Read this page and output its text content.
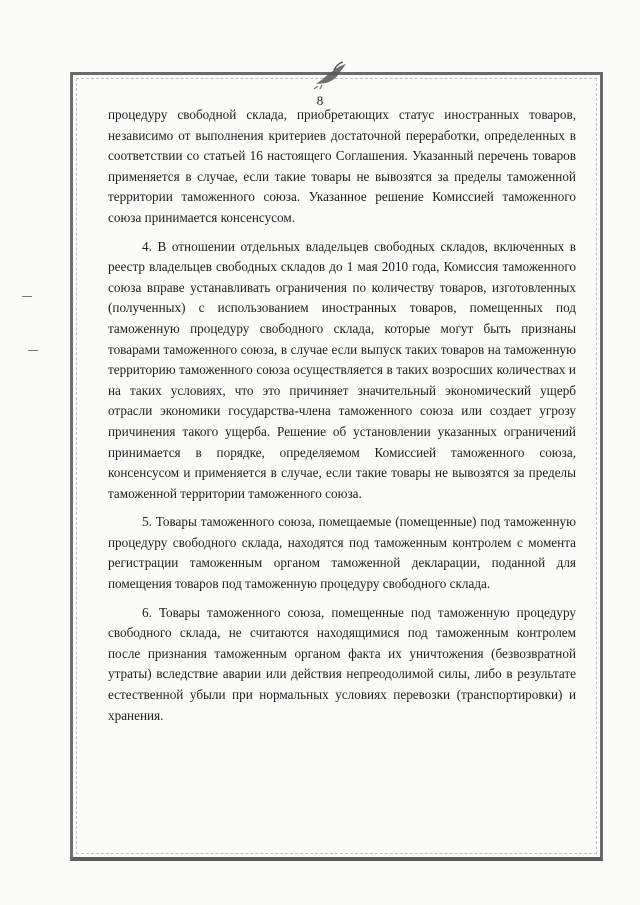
8

процедуру свободной склада, приобретающих статус иностранных товаров, независимо от выполнения критериев достаточной переработки, определенных в соответствии со статьей 16 настоящего Соглашения. Указанный перечень товаров применяется в случае, если такие товары не вывозятся за пределы таможенной территории таможенного союза. Указанное решение Комиссией таможенного союза принимается консенсусом.

4. В отношении отдельных владельцев свободных складов, включенных в реестр владельцев свободных складов до 1 мая 2010 года, Комиссия таможенного союза вправе устанавливать ограничения по количеству товаров, изготовленных (полученных) с использованием иностранных товаров, помещенных под таможенную процедуру свободного склада, которые могут быть признаны товарами таможенного союза, в случае если выпуск таких товаров на таможенную территорию таможенного союза осуществляется в таких возросших количествах и на таких условиях, что это причиняет значительный экономический ущерб отрасли экономики государства-члена таможенного союза или создает угрозу причинения такого ущерба. Решение об установлении указанных ограничений принимается в порядке, определяемом Комиссией таможенного союза, консенсусом и применяется в случае, если такие товары не вывозятся за пределы таможенной территории таможенного союза.

5. Товары таможенного союза, помещаемые (помещенные) под таможенную процедуру свободного склада, находятся под таможенным контролем с момента регистрации таможенным органом таможенной декларации, поданной для помещения товаров под таможенную процедуру свободного склада.

6. Товары таможенного союза, помещенные под таможенную процедуру свободного склада, не считаются находящимися под таможенным контролем после признания таможенным органом факта их уничтожения (безвозвратной утраты) вследствие аварии или действия непреодолимой силы, либо в результате естественной убыли при нормальных условиях перевозки (транспортировки) и хранения.
